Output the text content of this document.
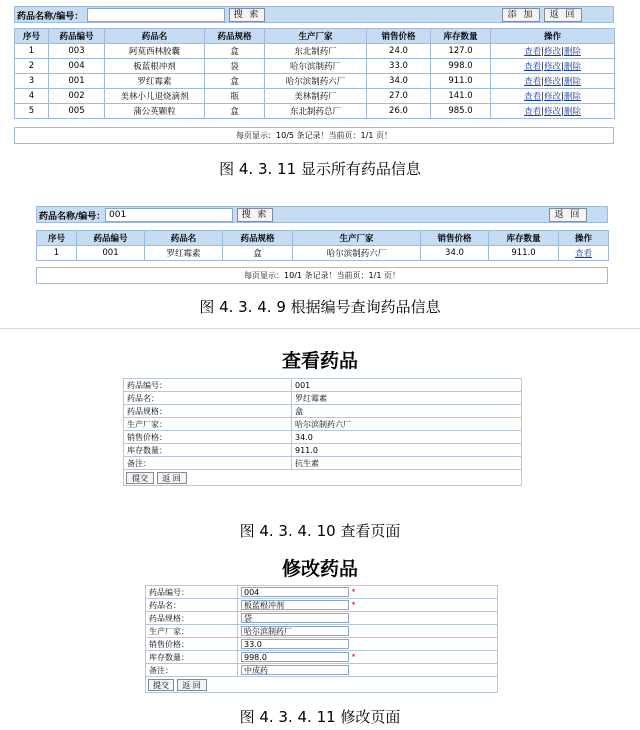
药品名称/编号：	搜 索	添 加	返 回
序号	药品编号	药品名	药品规格	生产厂家	销售价格	库存数量	操作
1	003	阿莫西林胶囊	盒	东北制药厂	24.0	127.0	查看|修改|删除
2	004	板蓝根冲剂	袋	哈尔滨制药厂	33.0	998.0	查看|修改|删除
3	001	罗红霉素	盒	哈尔滨制药六厂	34.0	911.0	查看|修改|删除
4	002	美林小儿退烧滴剂	瓶	美林制药厂	27.0	141.0	查看|修改|删除
5	005	蒲公英颗粒	盒	东北制药总厂	26.0	985.0	查看|修改|删除
每页显示：10/5 条记录！当前页：1/1 页！
图 4. 3. 11 显示所有药品信息
药品名称/编号： 001	搜 索	返 回
序号	药品编号	药品名	药品规格	生产厂家	销售价格	库存数量	操作
1	001	罗红霉素	盒	哈尔滨制药六厂	34.0	911.0	查看
每页显示：10/1 条记录！当前页：1/1 页！
图 4. 3. 4. 9 根据编号查询药品信息
查看药品
药品编号：	001
药品名：	罗红霉素
药品规格：	盒
生产厂家：	哈尔滨制药六厂
销售价格：	34.0
库存数量：	911.0
备注：	抗生素
提交 返 回	
图 4. 3. 4. 10 查看页面
修改药品
药品编号：	004 *
药品名：	板蓝根冲剂 *
药品规格：	袋
生产厂家：	哈尔滨制药厂
销售价格：	33.0
库存数量：	998.0 *
备注：	中成药
提交 返 回	
图 4. 3. 4. 11 修改页面
